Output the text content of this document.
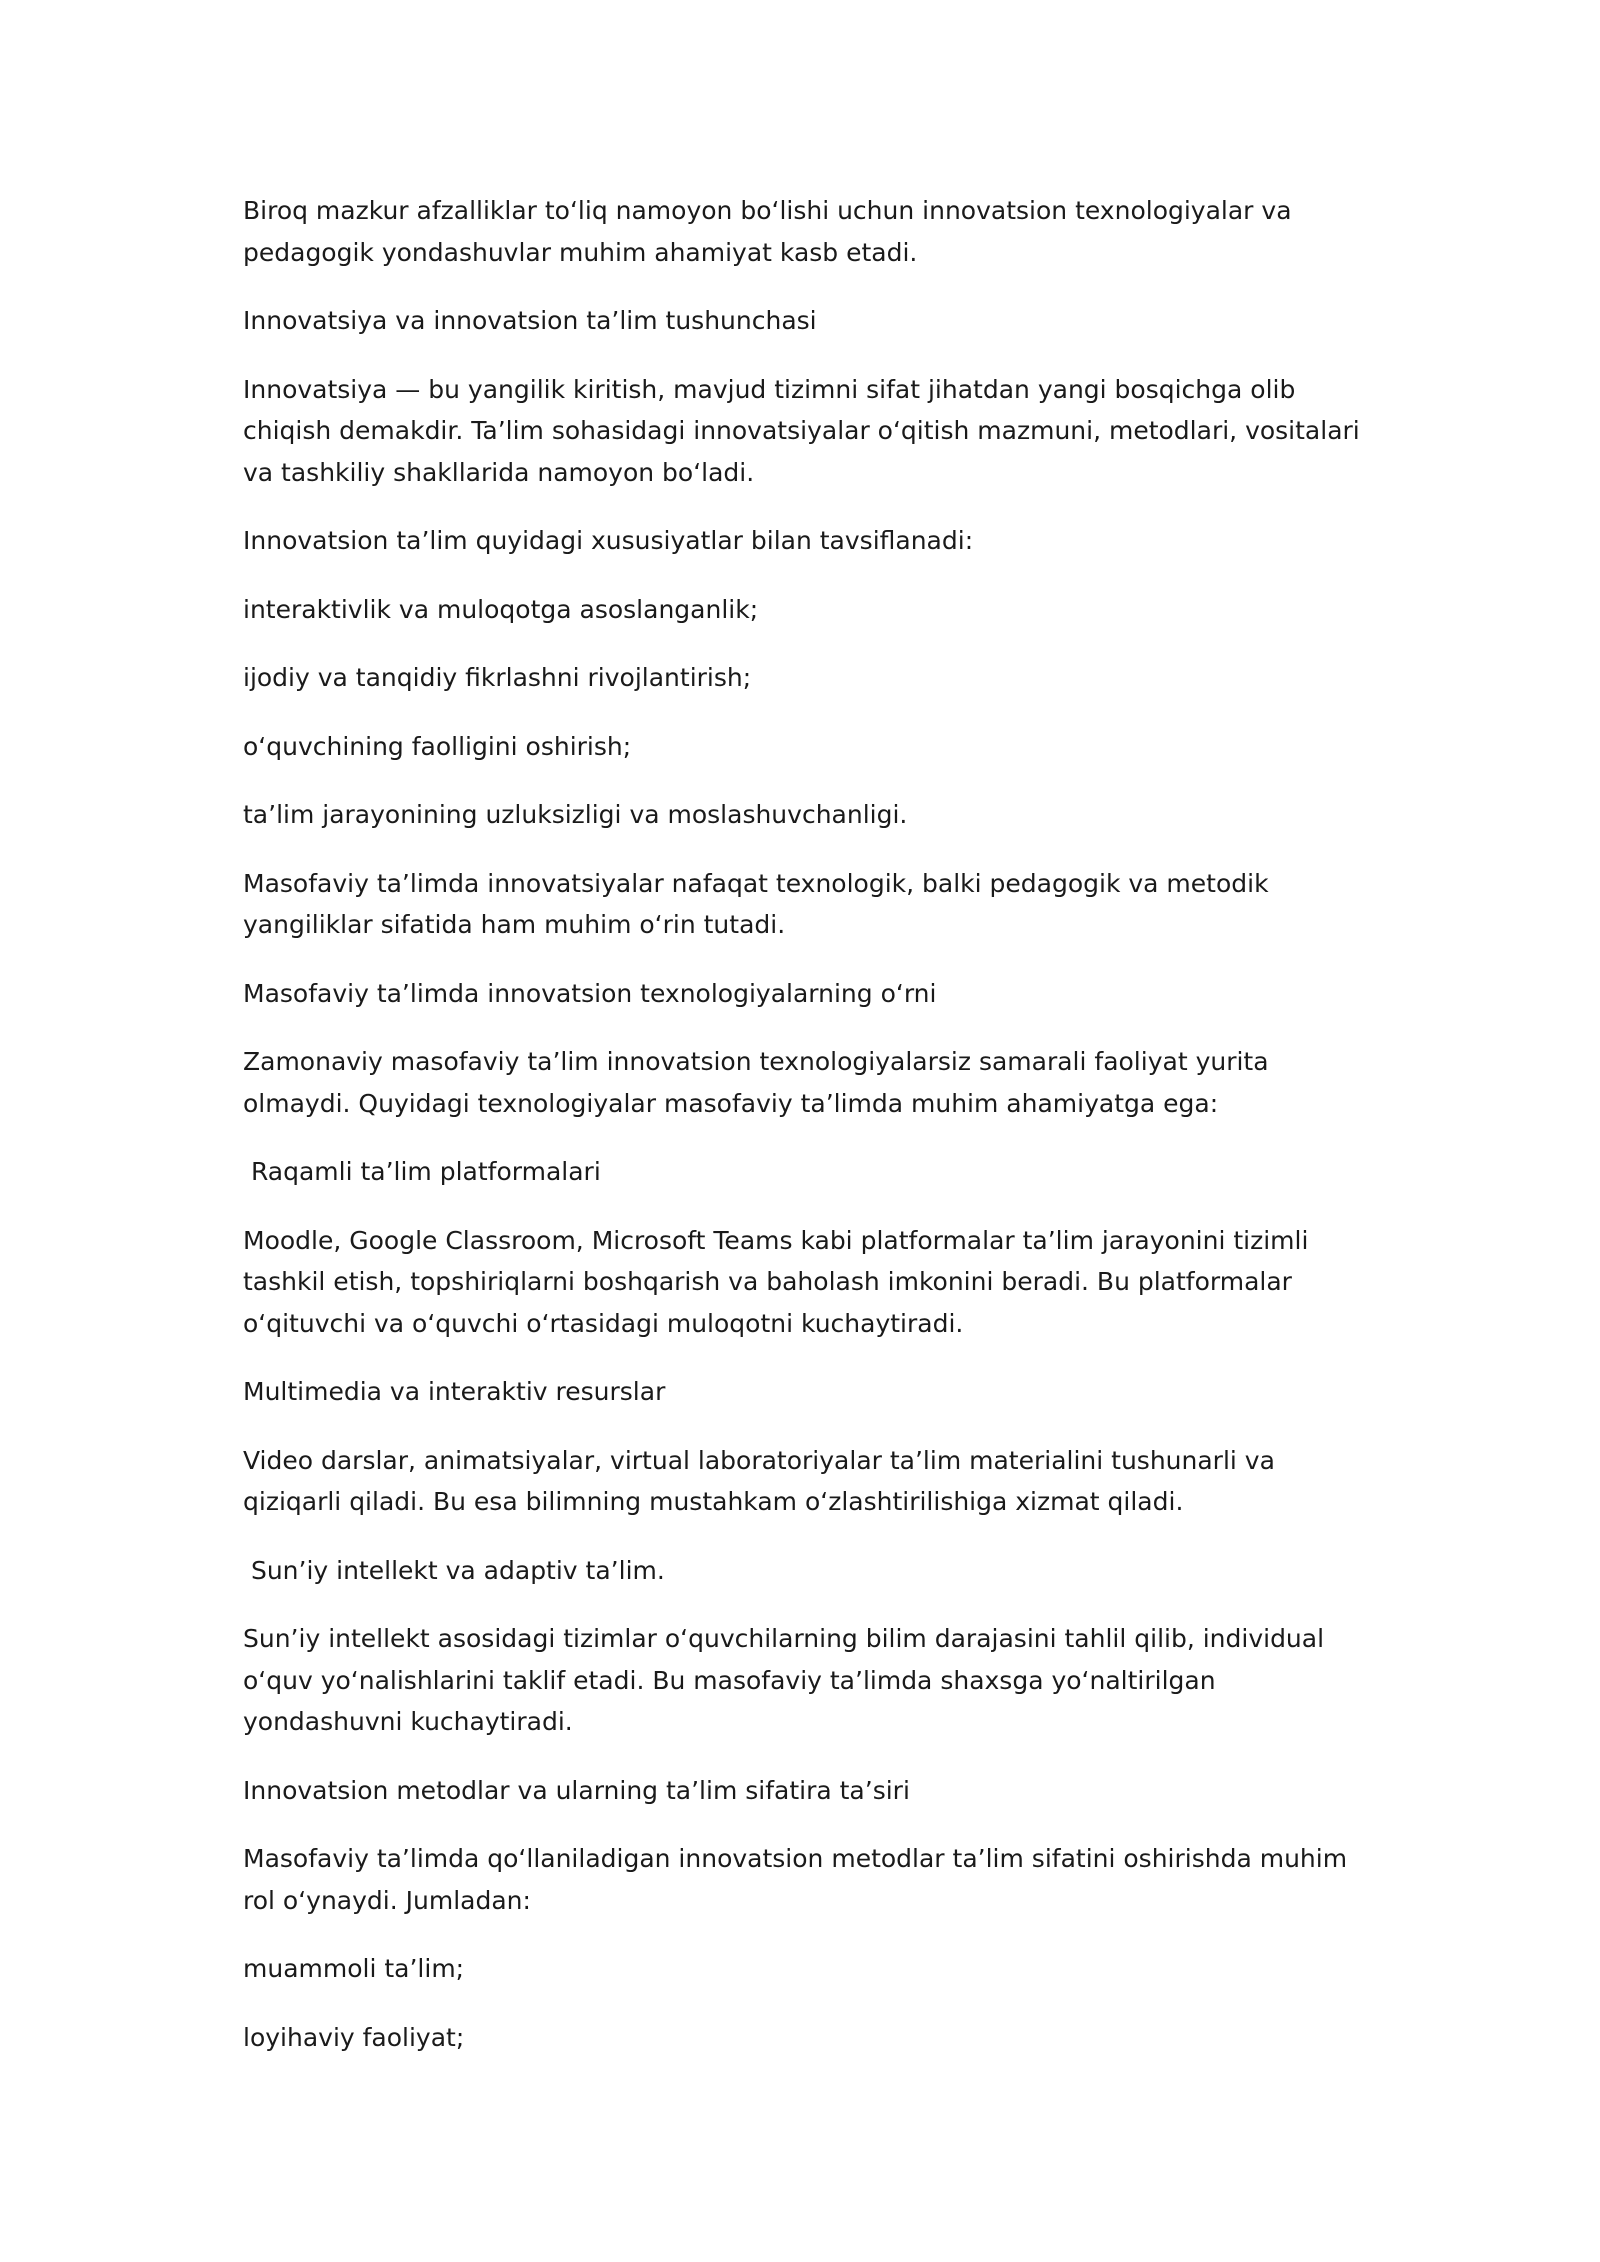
Biroq mazkur afzalliklar to‘liq namoyon bo‘lishi uchun innovatsion texnologiyalar va pedagogik yondashuvlar muhim ahamiyat kasb etadi.

Innovatsiya va innovatsion ta’lim tushunchasi

Innovatsiya — bu yangilik kiritish, mavjud tizimni sifat jihatdan yangi bosqichga olib chiqish demakdir. Ta’lim sohasidagi innovatsiyalar o‘qitish mazmuni, metodlari, vositalari va tashkiliy shakllarida namoyon bo‘ladi.

Innovatsion ta’lim quyidagi xususiyatlar bilan tavsiflanadi:

interaktivlik va muloqotga asoslanganlik;

ijodiy va tanqidiy fikrlashni rivojlantirish;

o‘quvchining faolligini oshirish;

ta’lim jarayonining uzluksizligi va moslashuvchanligi.

Masofaviy ta’limda innovatsiyalar nafaqat texnologik, balki pedagogik va metodik yangiliklar sifatida ham muhim o‘rin tutadi.

Masofaviy ta’limda innovatsion texnologiyalarning o‘rni

Zamonaviy masofaviy ta’lim innovatsion texnologiyalarsiz samarali faoliyat yurita olmaydi. Quyidagi texnologiyalar masofaviy ta’limda muhim ahamiyatga ega:

Raqamli ta’lim platformalari

Moodle, Google Classroom, Microsoft Teams kabi platformalar ta’lim jarayonini tizimli tashkil etish, topshiriqlarni boshqarish va baholash imkonini beradi. Bu platformalar o‘qituvchi va o‘quvchi o‘rtasidagi muloqotni kuchaytiradi.

Multimedia va interaktiv resurslar

Video darslar, animatsiyalar, virtual laboratoriyalar ta’lim materialini tushunarli va qiziqarli qiladi. Bu esa bilimning mustahkam o‘zlashtirilishiga xizmat qiladi.

Sun’iy intellekt va adaptiv ta’lim.

Sun’iy intellekt asosidagi tizimlar o‘quvchilarning bilim darajasini tahlil qilib, individual o‘quv yo‘nalishlarini taklif etadi. Bu masofaviy ta’limda shaxsga yo‘naltirilgan yondashuvni kuchaytiradi.

Innovatsion metodlar va ularning ta’lim sifatira ta’siri

Masofaviy ta’limda qo‘llaniladigan innovatsion metodlar ta’lim sifatini oshirishda muhim rol o‘ynaydi. Jumladan:

muammoli ta’lim;

loyihaviy faoliyat;
